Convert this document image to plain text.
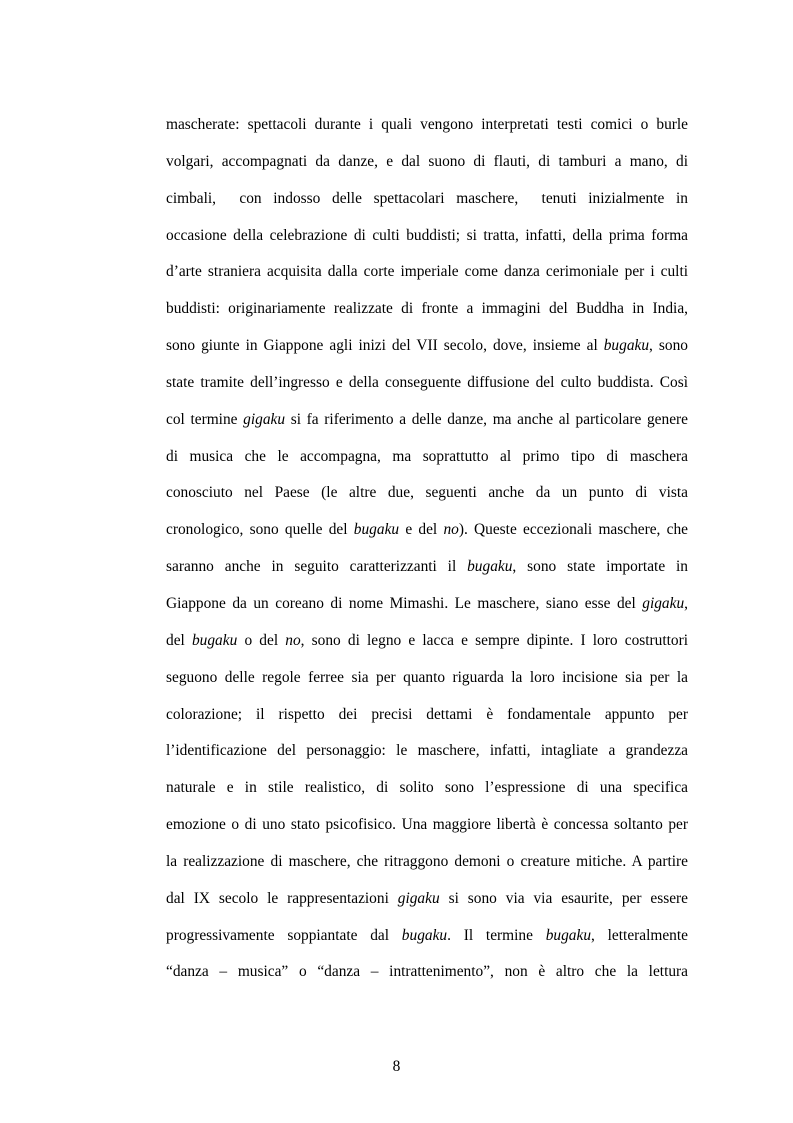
mascherate: spettacoli durante i quali vengono interpretati testi comici o burle
volgari, accompagnati da danze, e dal suono di flauti, di tamburi a mano, di
cimbali,  con indosso delle spettacolari maschere,  tenuti inizialmente in
occasione della celebrazione di culti buddisti; si tratta, infatti, della prima forma
d’arte straniera acquisita dalla corte imperiale come danza cerimoniale per i culti
buddisti: originariamente realizzate di fronte a immagini del Buddha in India,
sono giunte in Giappone agli inizi del VII secolo, dove, insieme al bugaku, sono
state tramite dell’ingresso e della conseguente diffusione del culto buddista. Così
col termine gigaku si fa riferimento a delle danze, ma anche al particolare genere
di musica che le accompagna, ma soprattutto al primo tipo di maschera
conosciuto nel Paese (le altre due, seguenti anche da un punto di vista
cronologico, sono quelle del bugaku e del no). Queste eccezionali maschere, che
saranno anche in seguito caratterizzanti il bugaku, sono state importate in
Giappone da un coreano di nome Mimashi. Le maschere, siano esse del gigaku,
del bugaku o del no, sono di legno e lacca e sempre dipinte. I loro costruttori
seguono delle regole ferree sia per quanto riguarda la loro incisione sia per la
colorazione; il rispetto dei precisi dettami è fondamentale appunto per
l’identificazione del personaggio: le maschere, infatti, intagliate a grandezza
naturale e in stile realistico, di solito sono l’espressione di una specifica
emozione o di uno stato psicofisico. Una maggiore libertà è concessa soltanto per
la realizzazione di maschere, che ritraggono demoni o creature mitiche. A partire
dal IX secolo le rappresentazioni gigaku si sono via via esaurite, per essere
progressivamente soppiantate dal bugaku. Il termine bugaku, letteralmente
“danza – musica” o “danza – intrattenimento”, non è altro che la lettura
8
